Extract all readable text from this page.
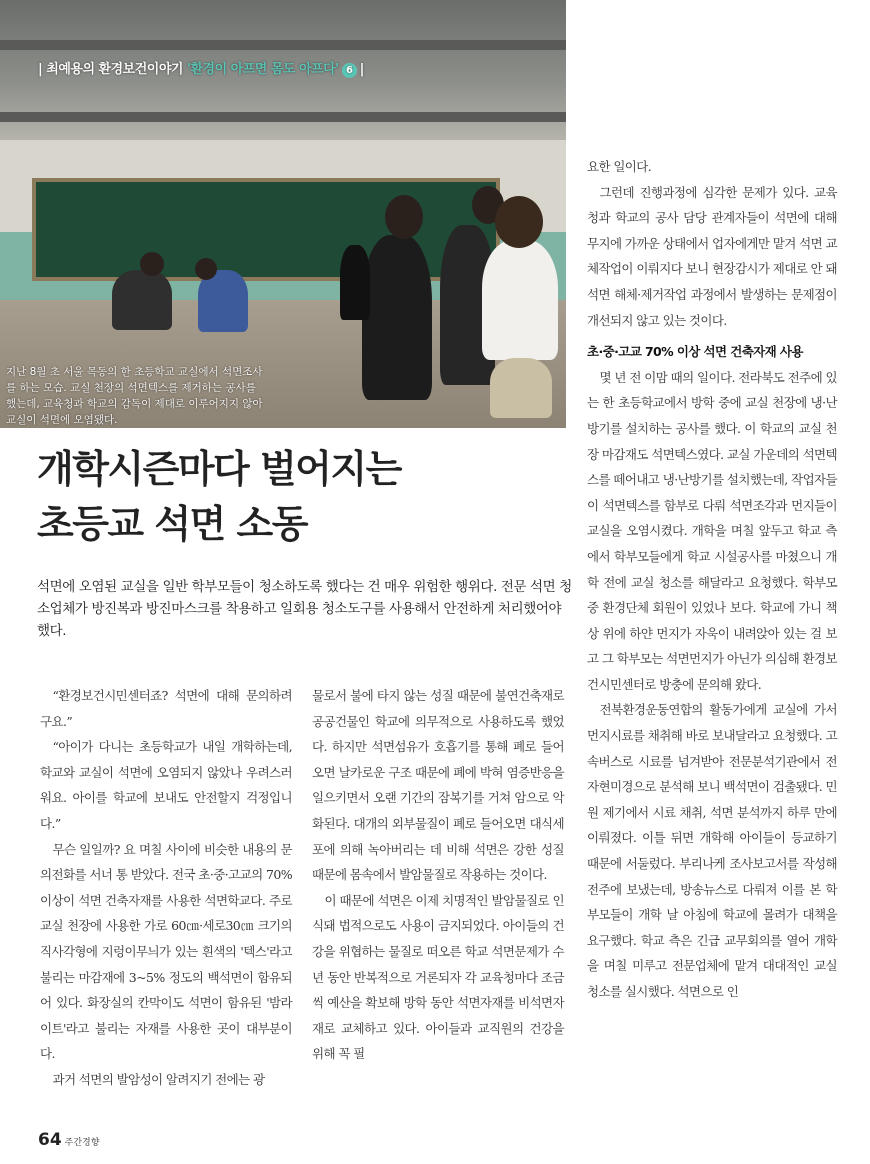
| 최예용의 환경보건이야기 '환경이 아프면 몸도 아프다' 6 |

지난 8월 초 서울 목동의 한 초등학교 교실에서 석면조사를 하는 모습. 교실 천장의 석면텍스를 제거하는 공사를 했는데, 교육청과 학교의 감독이 제대로 이루어지지 않아 교실이 석면에 오염됐다.

개학시즌마다 벌어지는
초등교 석면 소동

석면에 오염된 교실을 일반 학부모들이 청소하도록 했다는 건 매우 위험한 행위다. 전문 석면 청소업체가 방진복과 방진마스크를 착용하고 일회용 청소도구를 사용해서 안전하게 처리했어야 했다.

“환경보건시민센터죠? 석면에 대해 문의하려구요.”

“아이가 다니는 초등학교가 내일 개학하는데, 학교와 교실이 석면에 오염되지 않았나 우려스러워요. 아이를 학교에 보내도 안전할지 걱정입니다.”

무슨 일일까? 요 며칠 사이에 비슷한 내용의 문의전화를 서너 통 받았다. 전국 초·중·고교의 70% 이상이 석면 건축자재를 사용한 석면학교다. 주로 교실 천장에 사용한 가로 60㎝·세로30㎝ 크기의 직사각형에 지렁이무늬가 있는 흰색의 '텍스'라고 불리는 마감재에 3~5% 정도의 백석면이 함유되어 있다. 화장실의 칸막이도 석면이 함유된 '밤라이트'라고 불리는 자재를 사용한 곳이 대부분이다.

과거 석면의 발암성이 알려지기 전에는 광

물로서 불에 타지 않는 성질 때문에 불연건축재로 공공건물인 학교에 의무적으로 사용하도록 했었다. 하지만 석면섬유가 호흡기를 통해 폐로 들어오면 날카로운 구조 때문에 폐에 박혀 염증반응을 일으키면서 오랜 기간의 잠복기를 거쳐 암으로 악화된다. 대개의 외부물질이 폐로 들어오면 대식세포에 의해 녹아버리는 데 비해 석면은 강한 성질 때문에 몸속에서 발암물질로 작용하는 것이다.

이 때문에 석면은 이제 치명적인 발암물질로 인식돼 법적으로도 사용이 금지되었다. 아이들의 건강을 위협하는 물질로 떠오른 학교 석면문제가 수년 동안 반복적으로 거론되자 각 교육청마다 조금씩 예산을 확보해 방학 동안 석면자재를 비석면자재로 교체하고 있다. 아이들과 교직원의 건강을 위해 꼭 필

요한 일이다.

그런데 진행과정에 심각한 문제가 있다. 교육청과 학교의 공사 담당 관계자들이 석면에 대해 무지에 가까운 상태에서 업자에게만 맡겨 석면 교체작업이 이뤄지다 보니 현장감시가 제대로 안 돼 석면 해체·제거작업 과정에서 발생하는 문제점이 개선되지 않고 있는 것이다.

초·중·고교 70% 이상 석면 건축자재 사용

몇 년 전 이맘 때의 일이다. 전라북도 전주에 있는 한 초등학교에서 방학 중에 교실 천장에 냉·난방기를 설치하는 공사를 했다. 이 학교의 교실 천장 마감재도 석면텍스였다. 교실 가운데의 석면텍스를 떼어내고 냉·난방기를 설치했는데, 작업자들이 석면텍스를 함부로 다뤄 석면조각과 먼지들이 교실을 오염시켰다. 개학을 며칠 앞두고 학교 측에서 학부모들에게 학교 시설공사를 마쳤으니 개학 전에 교실 청소를 해달라고 요청했다. 학부모 중 환경단체 회원이 있었나 보다. 학교에 가니 책상 위에 하얀 먼지가 자욱이 내려앉아 있는 걸 보고 그 학부모는 석면먼지가 아닌가 의심해 환경보건시민센터로 방충에 문의해 왔다.

전북환경운동연합의 활동가에게 교실에 가서 먼지시료를 채취해 바로 보내달라고 요청했다. 고속버스로 시료를 넘겨받아 전문분석기관에서 전자현미경으로 분석해 보니 백석면이 검출됐다. 민원 제기에서 시료 채취, 석면 분석까지 하루 만에 이뤄졌다. 이틀 뒤면 개학해 아이들이 등교하기 때문에 서둘렀다. 부리나케 조사보고서를 작성해 전주에 보냈는데, 방송뉴스로 다뤄져 이를 본 학부모들이 개학 날 아침에 학교에 몰려가 대책을 요구했다. 학교 측은 긴급 교무회의를 열어 개학을 며칠 미루고 전문업체에 맡겨 대대적인 교실 청소를 실시했다. 석면으로 인

64 주간경향
